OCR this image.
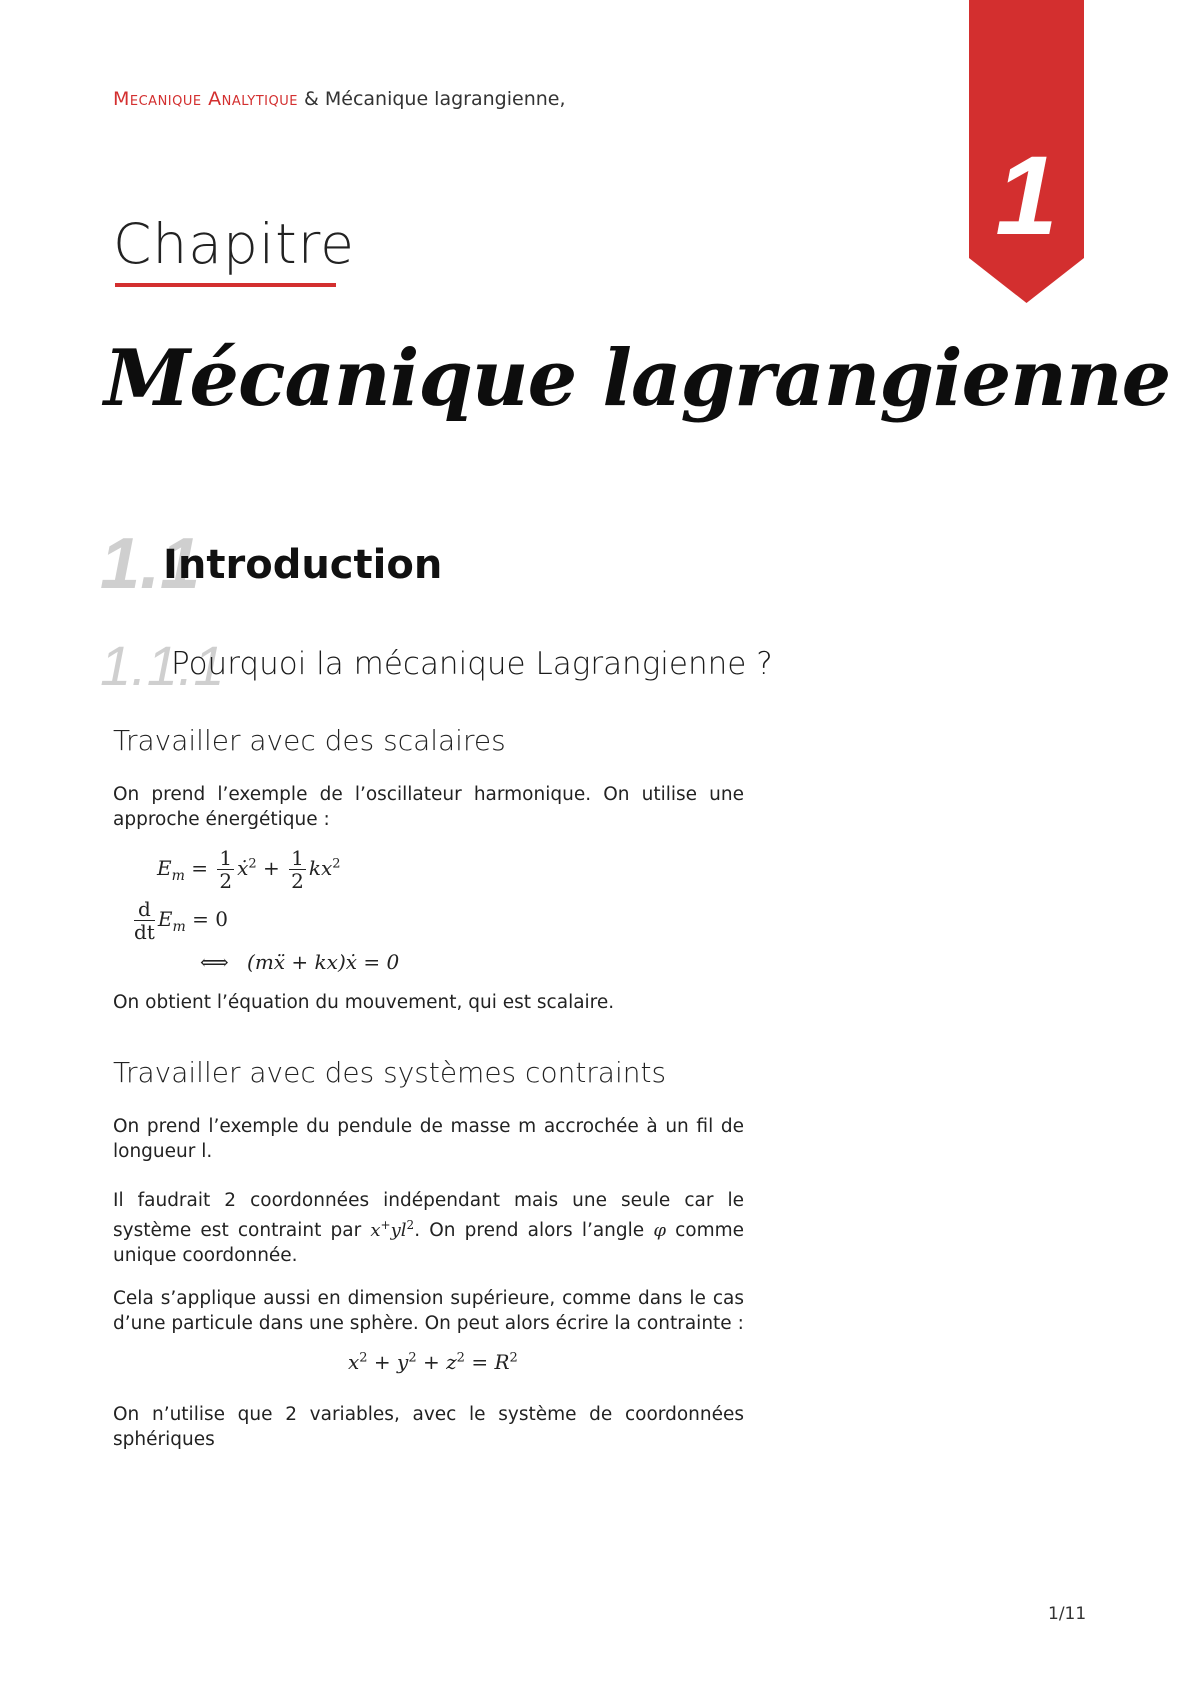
Mecanique Analytique & Mécanique lagrangienne,
1
Chapitre
Mécanique lagrangienne
1.1
Introduction
1.1.1
Pourquoi la mécanique Lagrangienne ?
Travailler avec des scalaires
On prend l’exemple de l’oscillateur harmonique. On utilise une approche énergétique :
$E_m = \frac{1}{2}$ ẋ$^2$ + $\frac{1}{2} kx^2$
$\frac{d}{dt} E_m = 0$
⟺ (mẍ + kx)ẋ = 0
On obtient l’équation du mouvement, qui est scalaire.
Travailler avec des systèmes contraints
On prend l’exemple du pendule de masse m accrochée à un fil de longueur l.
Il faudrait 2 coordonnées indépendant mais une seule car le système est contraint par $x^+yl^2$. On prend alors l’angle φ comme unique coordonnée.
Cela s’applique aussi en dimension supérieure, comme dans le cas d’une particule dans une sphère. On peut alors écrire la contrainte :
$x^2 + y^2 + z^2 = R^2$
On n’utilise que 2 variables, avec le système de coordonnées sphériques
1/11
